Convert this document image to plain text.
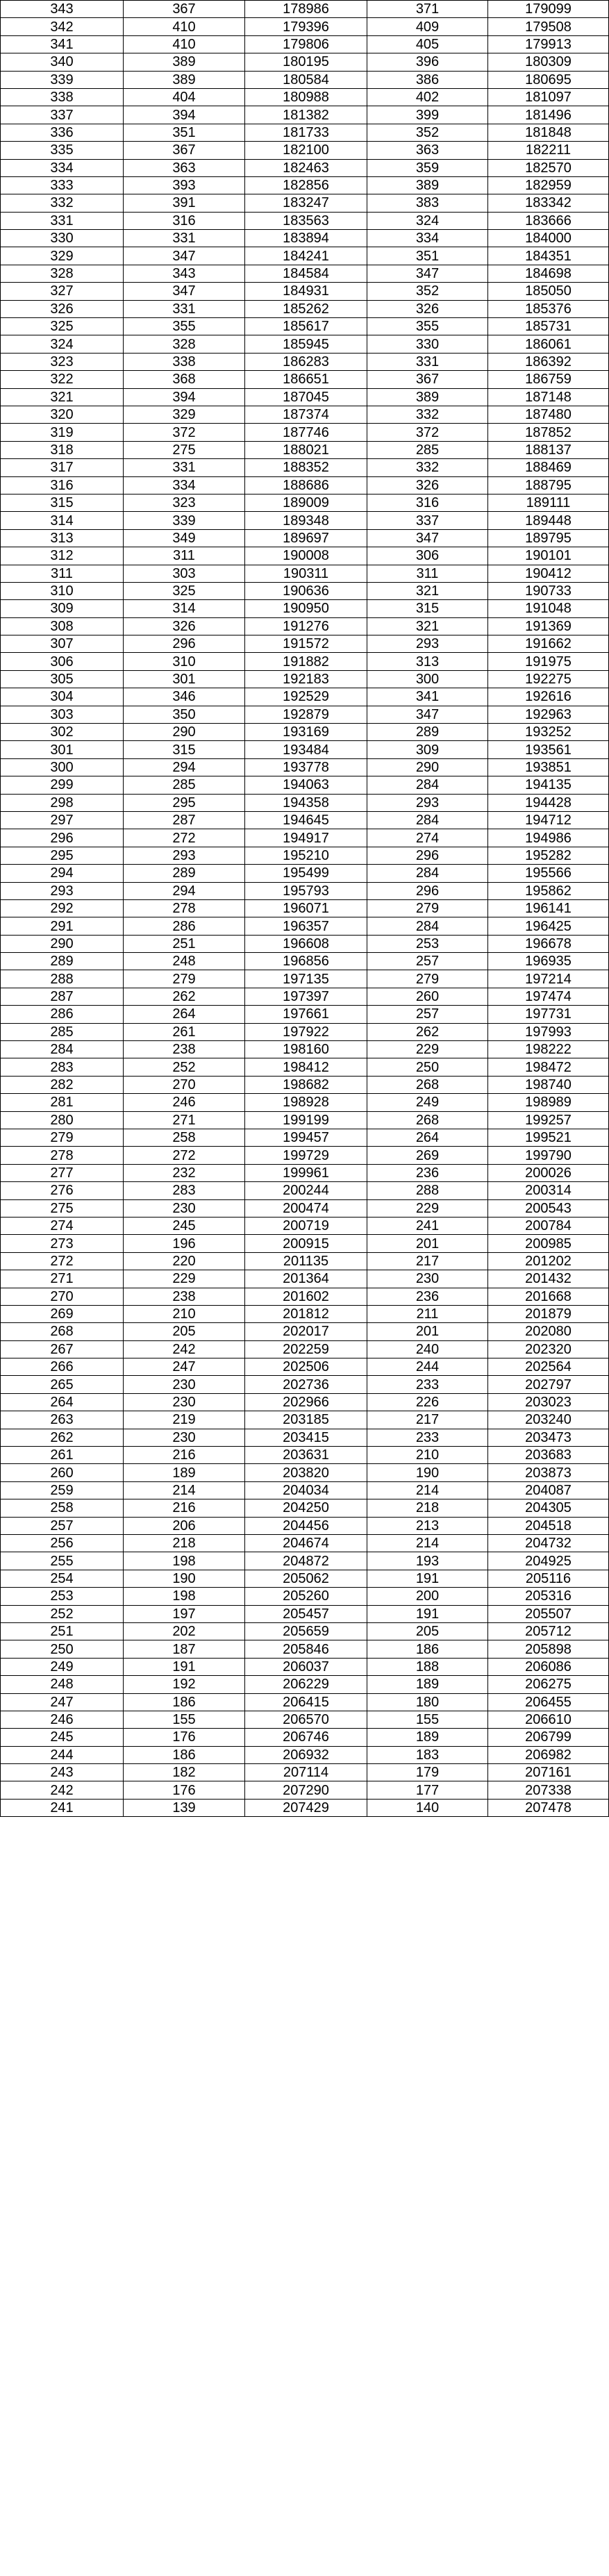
343	367	178986	371	179099
342	410	179396	409	179508
341	410	179806	405	179913
340	389	180195	396	180309
339	389	180584	386	180695
338	404	180988	402	181097
337	394	181382	399	181496
336	351	181733	352	181848
335	367	182100	363	182211
334	363	182463	359	182570
333	393	182856	389	182959
332	391	183247	383	183342
331	316	183563	324	183666
330	331	183894	334	184000
329	347	184241	351	184351
328	343	184584	347	184698
327	347	184931	352	185050
326	331	185262	326	185376
325	355	185617	355	185731
324	328	185945	330	186061
323	338	186283	331	186392
322	368	186651	367	186759
321	394	187045	389	187148
320	329	187374	332	187480
319	372	187746	372	187852
318	275	188021	285	188137
317	331	188352	332	188469
316	334	188686	326	188795
315	323	189009	316	189111
314	339	189348	337	189448
313	349	189697	347	189795
312	311	190008	306	190101
311	303	190311	311	190412
310	325	190636	321	190733
309	314	190950	315	191048
308	326	191276	321	191369
307	296	191572	293	191662
306	310	191882	313	191975
305	301	192183	300	192275
304	346	192529	341	192616
303	350	192879	347	192963
302	290	193169	289	193252
301	315	193484	309	193561
300	294	193778	290	193851
299	285	194063	284	194135
298	295	194358	293	194428
297	287	194645	284	194712
296	272	194917	274	194986
295	293	195210	296	195282
294	289	195499	284	195566
293	294	195793	296	195862
292	278	196071	279	196141
291	286	196357	284	196425
290	251	196608	253	196678
289	248	196856	257	196935
288	279	197135	279	197214
287	262	197397	260	197474
286	264	197661	257	197731
285	261	197922	262	197993
284	238	198160	229	198222
283	252	198412	250	198472
282	270	198682	268	198740
281	246	198928	249	198989
280	271	199199	268	199257
279	258	199457	264	199521
278	272	199729	269	199790
277	232	199961	236	200026
276	283	200244	288	200314
275	230	200474	229	200543
274	245	200719	241	200784
273	196	200915	201	200985
272	220	201135	217	201202
271	229	201364	230	201432
270	238	201602	236	201668
269	210	201812	211	201879
268	205	202017	201	202080
267	242	202259	240	202320
266	247	202506	244	202564
265	230	202736	233	202797
264	230	202966	226	203023
263	219	203185	217	203240
262	230	203415	233	203473
261	216	203631	210	203683
260	189	203820	190	203873
259	214	204034	214	204087
258	216	204250	218	204305
257	206	204456	213	204518
256	218	204674	214	204732
255	198	204872	193	204925
254	190	205062	191	205116
253	198	205260	200	205316
252	197	205457	191	205507
251	202	205659	205	205712
250	187	205846	186	205898
249	191	206037	188	206086
248	192	206229	189	206275
247	186	206415	180	206455
246	155	206570	155	206610
245	176	206746	189	206799
244	186	206932	183	206982
243	182	207114	179	207161
242	176	207290	177	207338
241	139	207429	140	207478
